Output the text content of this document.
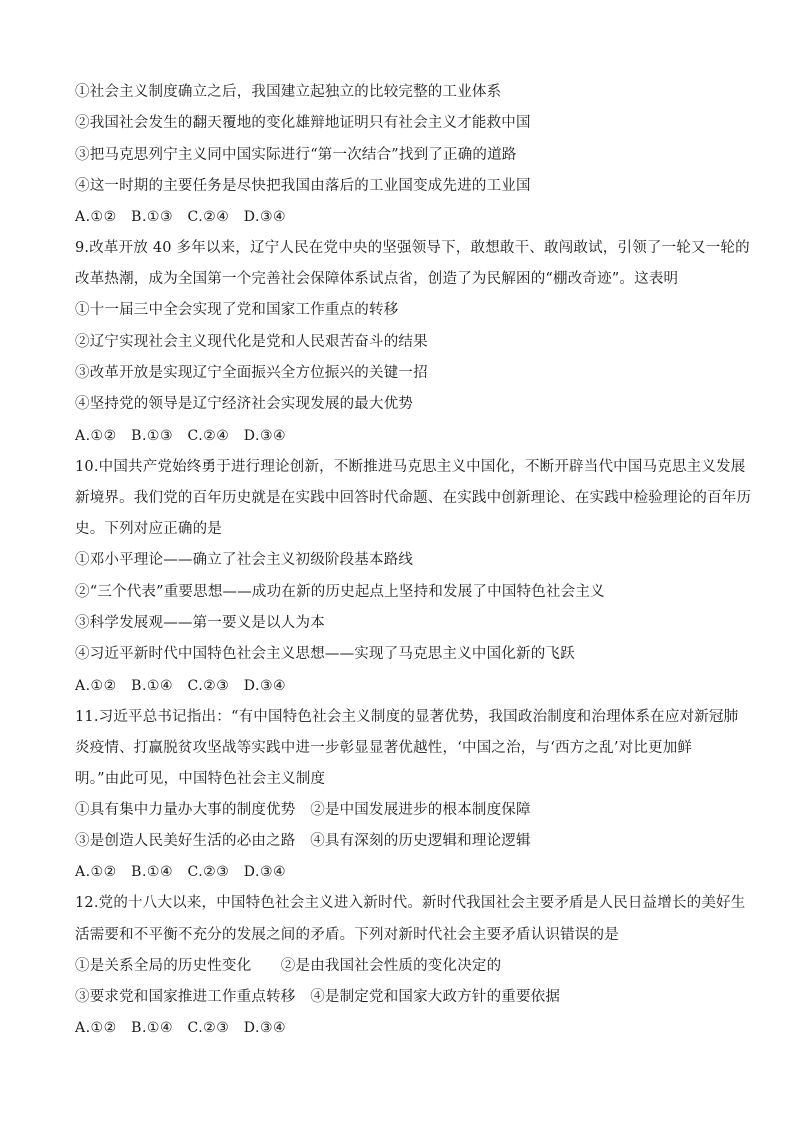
①社会主义制度确立之后，我国建立起独立的比较完整的工业体系
②我国社会发生的翻天覆地的变化雄辩地证明只有社会主义才能救中国
③把马克思列宁主义同中国实际进行“第一次结合”找到了正确的道路
④这一时期的主要任务是尽快把我国由落后的工业国变成先进的工业国
A.①②　B.①③　C.②④　D.③④
9.改革开放 40 多年以来，辽宁人民在党中央的坚强领导下，敢想敢干、敢闯敢试，引领了一轮又一轮的
改革热潮，成为全国第一个完善社会保障体系试点省，创造了为民解困的“棚改奇迹”。这表明
①十一届三中全会实现了党和国家工作重点的转移
②辽宁实现社会主义现代化是党和人民艰苦奋斗的结果
③改革开放是实现辽宁全面振兴全方位振兴的关键一招
④坚持党的领导是辽宁经济社会实现发展的最大优势
A.①②　B.①③　C.②④　D.③④
10.中国共产党始终勇于进行理论创新，不断推进马克思主义中国化，不断开辟当代中国马克思主义发展
新境界。我们党的百年历史就是在实践中回答时代命题、在实践中创新理论、在实践中检验理论的百年历
史。下列对应正确的是
①邓小平理论——确立了社会主义初级阶段基本路线
②“三个代表”重要思想——成功在新的历史起点上坚持和发展了中国特色社会主义
③科学发展观——第一要义是以人为本
④习近平新时代中国特色社会主义思想——实现了马克思主义中国化新的飞跃
A.①②　B.①④　C.②③　D.③④
11.习近平总书记指出：“有中国特色社会主义制度的显著优势，我国政治制度和治理体系在应对新冠肺
炎疫情、打赢脱贫攻坚战等实践中进一步彰显显著优越性，‘中国之治，与‘西方之乱’对比更加鲜
明。”由此可见，中国特色社会主义制度
①具有集中力量办大事的制度优势　②是中国发展进步的根本制度保障
③是创造人民美好生活的必由之路　④具有深刻的历史逻辑和理论逻辑
A.①②　B.①④　C.②③　D.③④
12.党的十八大以来，中国特色社会主义进入新时代。新时代我国社会主要矛盾是人民日益增长的美好生
活需要和不平衡不充分的发展之间的矛盾。下列对新时代社会主要矛盾认识错误的是
①是关系全局的历史性变化　　②是由我国社会性质的变化决定的
③要求党和国家推进工作重点转移　④是制定党和国家大政方针的重要依据
A.①②　B.①④　C.②③　D.③④
